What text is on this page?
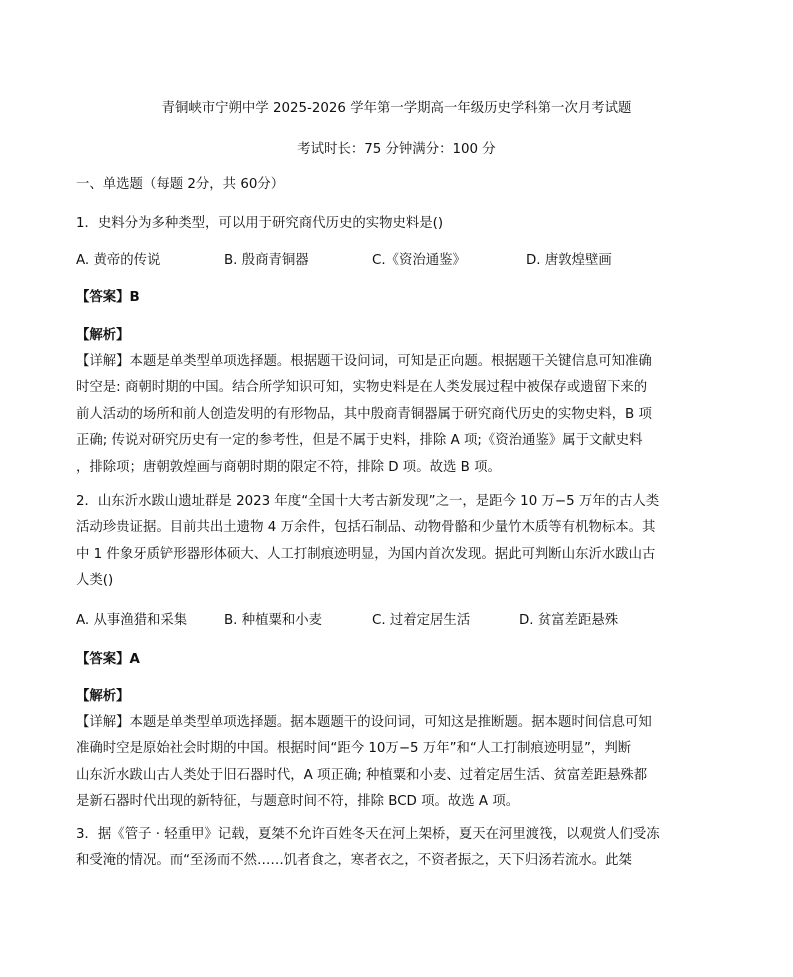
青铜峡市宁朔中学 2025-2026 学年第一学期高一年级历史学科第一次月考试题
考试时长：75 分钟满分：100 分
一、单选题（每题 2分，共 60分）
1．史料分为多种类型，可以用于研究商代历史的实物史料是()
A. 黄帝的传说	B. 殷商青铜器	C.《资治通鉴》	D. 唐敦煌壁画
【答案】B
【解析】
【详解】本题是单类型单项选择题。根据题干设问词，可知是正向题。根据题干关键信息可知准确
时空是: 商朝时期的中国。结合所学知识可知，实物史料是在人类发展过程中被保存或遗留下来的
前人活动的场所和前人创造发明的有形物品，其中殷商青铜器属于研究商代历史的实物史料，B 项
正确; 传说对研究历史有一定的参考性，但是不属于史料，排除 A 项;《资治通鉴》属于文献史料
，排除项；唐朝敦煌画与商朝时期的限定不符，排除 D 项。故选 B 项。
2．山东沂水跋山遗址群是 2023 年度“全国十大考古新发现”之一，是距今 10 万−5 万年的古人类
活动珍贵证据。目前共出土遗物 4 万余件，包括石制品、动物骨骼和少量竹木质等有机物标本。其
中 1 件象牙质铲形器形体硕大、人工打制痕迹明显，为国内首次发现。据此可判断山东沂水跋山古
人类()
A. 从事渔猎和采集	B. 种植粟和小麦	C. 过着定居生活	D. 贫富差距悬殊
【答案】A
【解析】
【详解】本题是单类型单项选择题。据本题题干的设问词，可知这是推断题。据本题时间信息可知
准确时空是原始社会时期的中国。根据时间“距今 10万−5 万年”和“人工打制痕迹明显”，判断
山东沂水跋山古人类处于旧石器时代，A 项正确; 种植粟和小麦、过着定居生活、贫富差距悬殊都
是新石器时代出现的新特征，与题意时间不符，排除 BCD 项。故选 A 项。
3．据《管子 · 轻重甲》记载，夏桀不允许百姓冬天在河上架桥，夏天在河里渡筏，以观赏人们受冻
和受淹的情况。而“至汤而不然……饥者食之，寒者衣之，不资者振之，天下归汤若流水。此桀
